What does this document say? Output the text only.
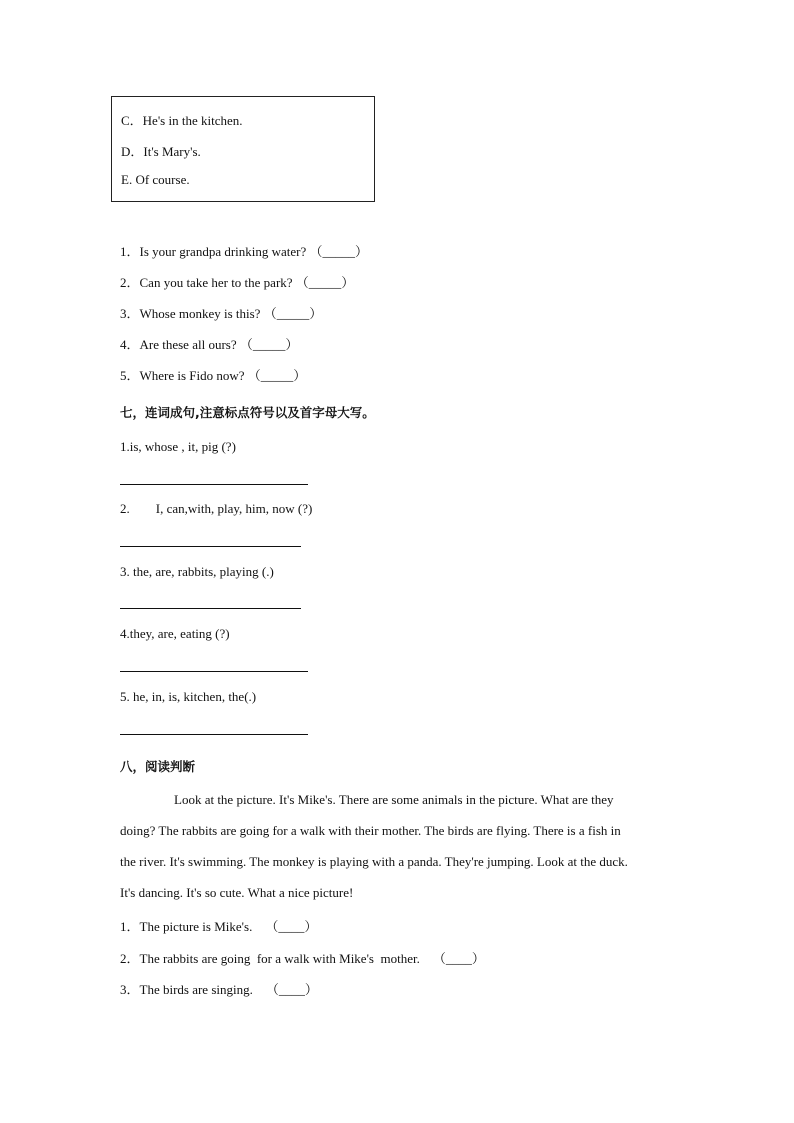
C．He's in the kitchen.
D．It's Mary's.
E. Of course.
1．Is your grandpa drinking water? （_____）
2．Can you take her to the park? （_____）
3．Whose monkey is this? （_____）
4．Are these all ours? （_____）
5．Where is Fido now? （_____）
七，连词成句,注意标点符号以及首字母大写。
1.is, whose , it, pig (?)
2.        I, can,with, play, him, now (?)
3. the, are, rabbits, playing (.)
4.they, are, eating (?)
5. he, in, is, kitchen, the(.)
八，阅读判断
Look at the picture. It's Mike's. There are some animals in the picture. What are they
doing? The rabbits are going for a walk with their mother. The birds are flying. There is a fish in
the river. It's swimming. The monkey is playing with a panda. They're jumping. Look at the duck.
It's dancing. It's so cute. What a nice picture!
1．The picture is Mike's.    （____）
2．The rabbits are going  for a walk with Mike's  mother.    （____）
3．The birds are singing.    （____）
